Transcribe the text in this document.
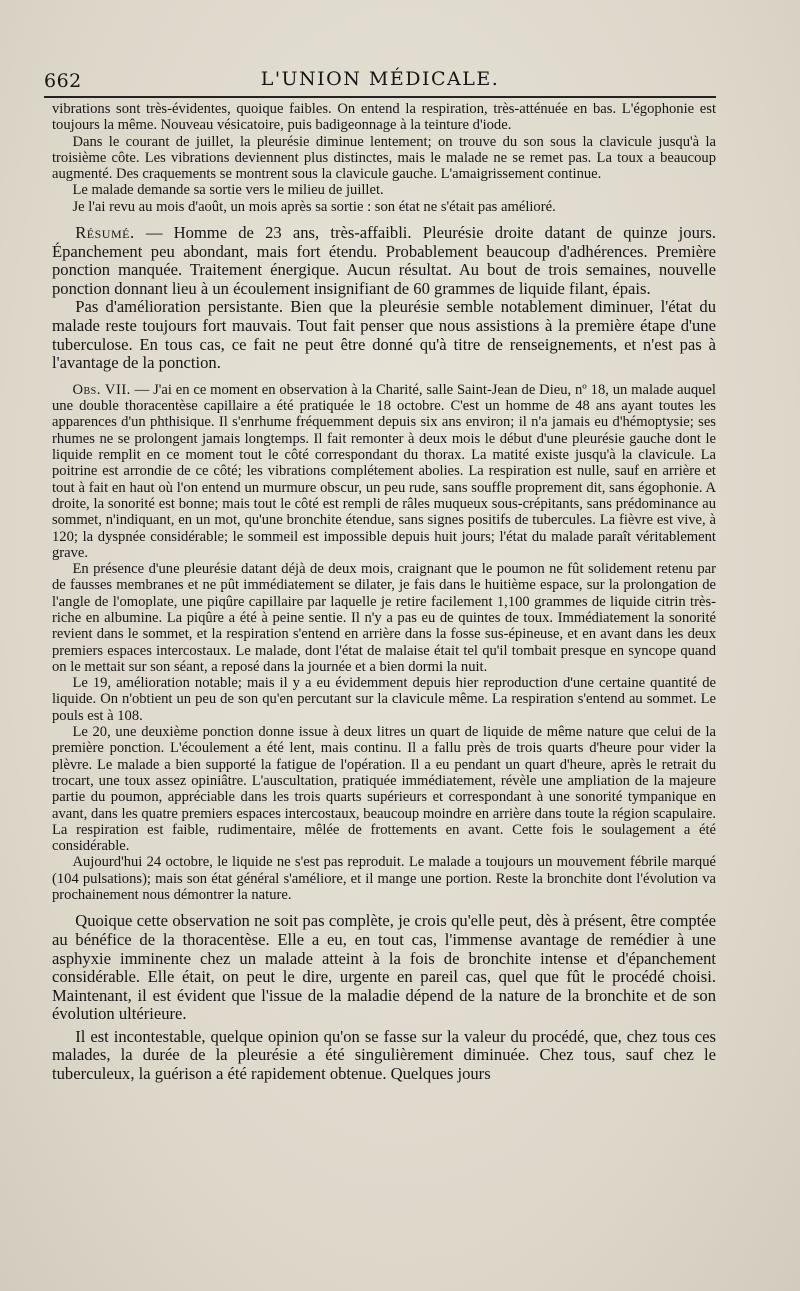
662	L'UNION MÉDICALE.

vibrations sont très-évidentes, quoique faibles. On entend la respiration, très-atténuée en bas. L'égophonie est toujours la même. Nouveau vésicatoire, puis badigeonnage à la teinture d'iode.

Dans le courant de juillet, la pleurésie diminue lentement; on trouve du son sous la clavicule jusqu'à la troisième côte. Les vibrations deviennent plus distinctes, mais le malade ne se remet pas. La toux a beaucoup augmenté. Des craquements se montrent sous la clavicule gauche. L'amaigrissement continue.

Le malade demande sa sortie vers le milieu de juillet.

Je l'ai revu au mois d'août, un mois après sa sortie : son état ne s'était pas amélioré.

Résumé. — Homme de 23 ans, très-affaibli. Pleurésie droite datant de quinze jours. Épanchement peu abondant, mais fort étendu. Probablement beaucoup d'adhérences. Première ponction manquée. Traitement énergique. Aucun résultat. Au bout de trois semaines, nouvelle ponction donnant lieu à un écoulement insignifiant de 60 grammes de liquide filant, épais.

Pas d'amélioration persistante. Bien que la pleurésie semble notablement diminuer, l'état du malade reste toujours fort mauvais. Tout fait penser que nous assistions à la première étape d'une tuberculose. En tous cas, ce fait ne peut être donné qu'à titre de renseignements, et n'est pas à l'avantage de la ponction.

Obs. VII. — J'ai en ce moment en observation à la Charité, salle Saint-Jean de Dieu, nº 18, un malade auquel une double thoracentèse capillaire a été pratiquée le 18 octobre. C'est un homme de 48 ans ayant toutes les apparences d'un phthisique. Il s'enrhume fréquemment depuis six ans environ; il n'a jamais eu d'hémoptysie; ses rhumes ne se prolongent jamais longtemps. Il fait remonter à deux mois le début d'une pleurésie gauche dont le liquide remplit en ce moment tout le côté correspondant du thorax. La matité existe jusqu'à la clavicule. La poitrine est arrondie de ce côté; les vibrations complétement abolies. La respiration est nulle, sauf en arrière et tout à fait en haut où l'on entend un murmure obscur, un peu rude, sans souffle proprement dit, sans égophonie. A droite, la sonorité est bonne; mais tout le côté est rempli de râles muqueux sous-crépitants, sans prédominance au sommet, n'indiquant, en un mot, qu'une bronchite étendue, sans signes positifs de tubercules. La fièvre est vive, à 120; la dyspnée considérable; le sommeil est impossible depuis huit jours; l'état du malade paraît véritablement grave.

En présence d'une pleurésie datant déjà de deux mois, craignant que le poumon ne fût solidement retenu par de fausses membranes et ne pût immédiatement se dilater, je fais dans le huitième espace, sur la prolongation de l'angle de l'omoplate, une piqûre capillaire par laquelle je retire facilement 1,100 grammes de liquide citrin très-riche en albumine. La piqûre a été à peine sentie. Il n'y a pas eu de quintes de toux. Immédiatement la sonorité revient dans le sommet, et la respiration s'entend en arrière dans la fosse sus-épineuse, et en avant dans les deux premiers espaces intercostaux. Le malade, dont l'état de malaise était tel qu'il tombait presque en syncope quand on le mettait sur son séant, a reposé dans la journée et a bien dormi la nuit.

Le 19, amélioration notable; mais il y a eu évidemment depuis hier reproduction d'une certaine quantité de liquide. On n'obtient un peu de son qu'en percutant sur la clavicule même. La respiration s'entend au sommet. Le pouls est à 108.

Le 20, une deuxième ponction donne issue à deux litres un quart de liquide de même nature que celui de la première ponction. L'écoulement a été lent, mais continu. Il a fallu près de trois quarts d'heure pour vider la plèvre. Le malade a bien supporté la fatigue de l'opération. Il a eu pendant un quart d'heure, après le retrait du trocart, une toux assez opiniâtre. L'auscultation, pratiquée immédiatement, révèle une ampliation de la majeure partie du poumon, appréciable dans les trois quarts supérieurs et correspondant à une sonorité tympanique en avant, dans les quatre premiers espaces intercostaux, beaucoup moindre en arrière dans toute la région scapulaire. La respiration est faible, rudimentaire, mêlée de frottements en avant. Cette fois le soulagement a été considérable.

Aujourd'hui 24 octobre, le liquide ne s'est pas reproduit. Le malade a toujours un mouvement fébrile marqué (104 pulsations); mais son état général s'améliore, et il mange une portion. Reste la bronchite dont l'évolution va prochainement nous démontrer la nature.

Quoique cette observation ne soit pas complète, je crois qu'elle peut, dès à présent, être comptée au bénéfice de la thoracentèse. Elle a eu, en tout cas, l'immense avantage de remédier à une asphyxie imminente chez un malade atteint à la fois de bronchite intense et d'épanchement considérable. Elle était, on peut le dire, urgente en pareil cas, quel que fût le procédé choisi. Maintenant, il est évident que l'issue de la maladie dépend de la nature de la bronchite et de son évolution ultérieure.

Il est incontestable, quelque opinion qu'on se fasse sur la valeur du procédé, que, chez tous ces malades, la durée de la pleurésie a été singulièrement diminuée. Chez tous, sauf chez le tuberculeux, la guérison a été rapidement obtenue. Quelques jours
